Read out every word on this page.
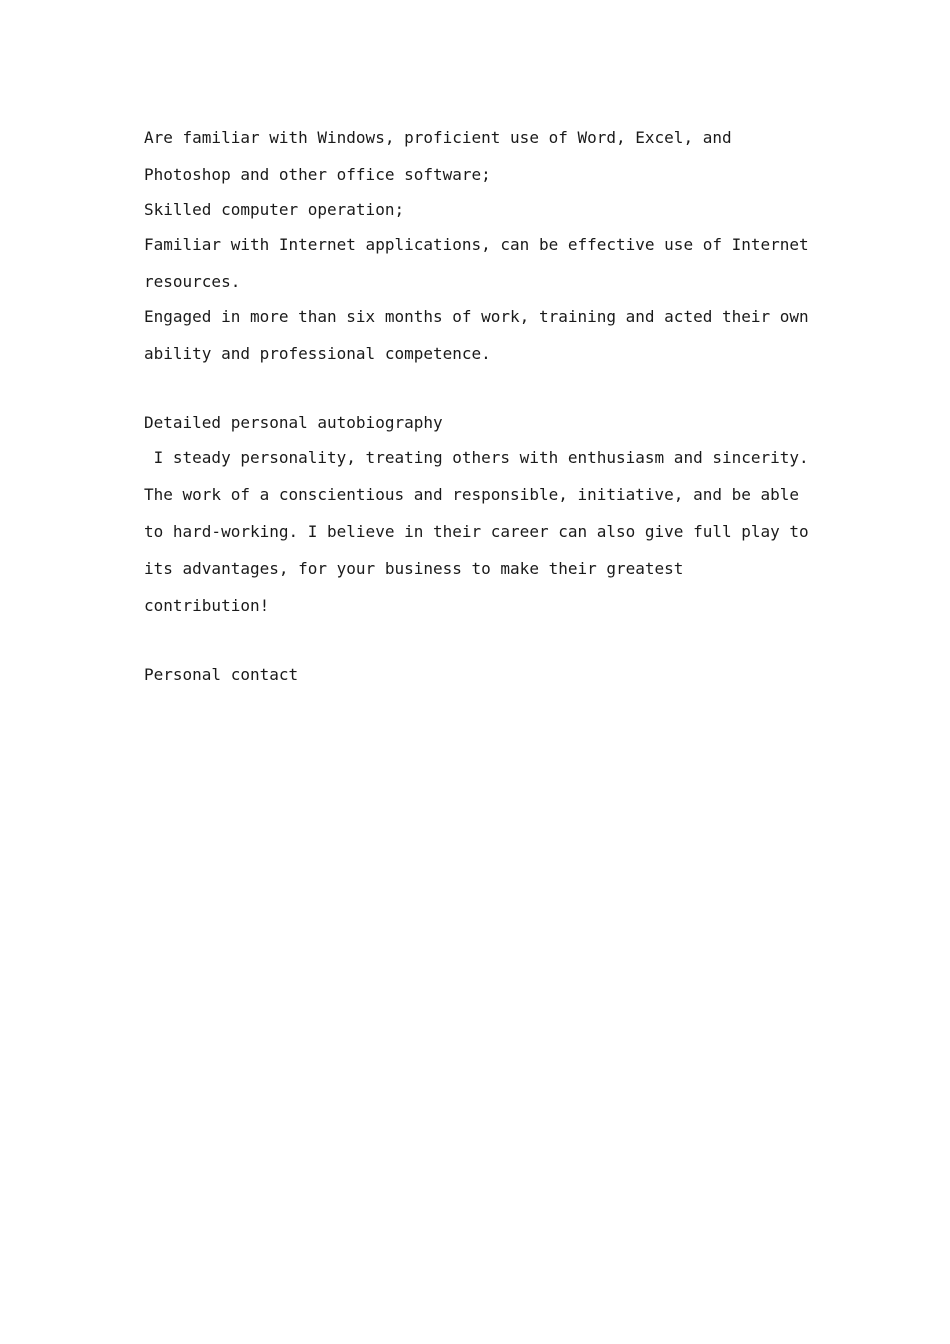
Are familiar with Windows, proficient use of Word, Excel, and
Photoshop and other office software;
Skilled computer operation;
Familiar with Internet applications, can be effective use of Internet
resources.
Engaged in more than six months of work, training and acted their own
ability and professional competence.
Detailed personal autobiography
I steady personality, treating others with enthusiasm and sincerity.
The work of a conscientious and responsible, initiative, and be able
to hard-working. I believe in their career can also give full play to
its advantages, for your business to make their greatest
contribution!
Personal contact
